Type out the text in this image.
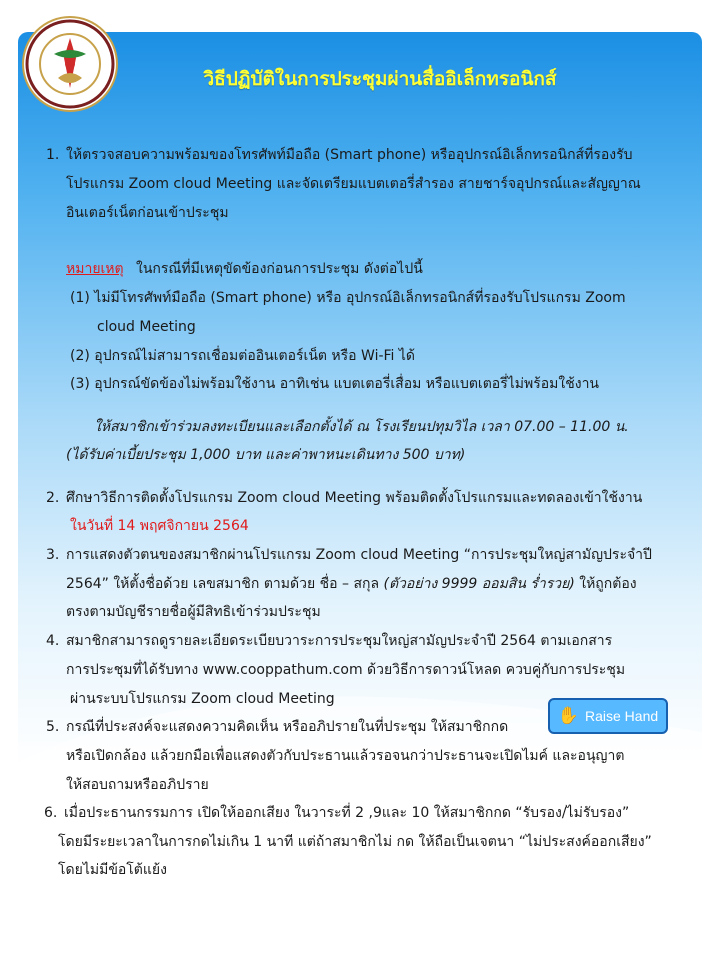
วิธีปฏิบัติในการประชุมผ่านสื่ออิเล็กทรอนิกส์
1. ให้ตรวจสอบความพร้อมของโทรศัพท์มือถือ (Smart phone) หรืออุปกรณ์อิเล็กทรอนิกส์ที่รองรับ
โปรแกรม Zoom cloud Meeting และจัดเตรียมแบตเตอรี่สำรอง สายชาร์จอุปกรณ์และสัญญาณ
อินเตอร์เน็ตก่อนเข้าประชุม
หมายเหตุ ในกรณีที่มีเหตุขัดข้องก่อนการประชุม ดังต่อไปนี้
(1) ไม่มีโทรศัพท์มือถือ (Smart phone) หรือ อุปกรณ์อิเล็กทรอนิกส์ที่รองรับโปรแกรม Zoom
cloud Meeting
(2) อุปกรณ์ไม่สามารถเชื่อมต่ออินเตอร์เน็ต หรือ Wi-Fi ได้
(3) อุปกรณ์ขัดข้องไม่พร้อมใช้งาน อาทิเช่น แบตเตอรี่เสื่อม หรือแบตเตอรี่ไม่พร้อมใช้งาน
ให้สมาชิกเข้าร่วมลงทะเบียนและเลือกตั้งได้ ณ โรงเรียนปทุมวิไล เวลา 07.00 – 11.00 น.
(ได้รับค่าเบี้ยประชุม 1,000 บาท และค่าพาหนะเดินทาง 500 บาท)
2. ศึกษาวิธีการติดตั้งโปรแกรม Zoom cloud Meeting พร้อมติดตั้งโปรแกรมและทดลองเข้าใช้งาน
ในวันที่ 14 พฤศจิกายน 2564
3. การแสดงตัวตนของสมาชิกผ่านโปรแกรม Zoom cloud Meeting “การประชุมใหญ่สามัญประจำปี
2564” ให้ตั้งชื่อด้วย เลขสมาชิก ตามด้วย ชื่อ – สกุล (ตัวอย่าง 9999 ออมสิน ร่ำรวย) ให้ถูกต้อง
ตรงตามบัญชีรายชื่อผู้มีสิทธิเข้าร่วมประชุม
4. สมาชิกสามารถดูรายละเอียดระเบียบวาระการประชุมใหญ่สามัญประจำปี 2564 ตามเอกสาร
การประชุมที่ได้รับทาง www.cooppathum.com ด้วยวิธีการดาวน์โหลด ควบคู่กับการประชุม
ผ่านระบบโปรแกรม Zoom cloud Meeting
5. กรณีที่ประสงค์จะแสดงความคิดเห็น หรืออภิปรายในที่ประชุม ให้สมาชิกกด
✋ Raise Hand
หรือเปิดกล้อง แล้วยกมือเพื่อแสดงตัวกับประธานแล้วรอจนกว่าประธานจะเปิดไมค์ และอนุญาต
ให้สอบถามหรืออภิปราย
6. เมื่อประธานกรรมการ เปิดให้ออกเสียง ในวาระที่ 2 ,9และ 10 ให้สมาชิกกด “รับรอง/ไม่รับรอง”
โดยมีระยะเวลาในการกดไม่เกิน 1 นาที แต่ถ้าสมาชิกไม่ กด ให้ถือเป็นเจตนา “ไม่ประสงค์ออกเสียง”
โดยไม่มีข้อโต้แย้ง
